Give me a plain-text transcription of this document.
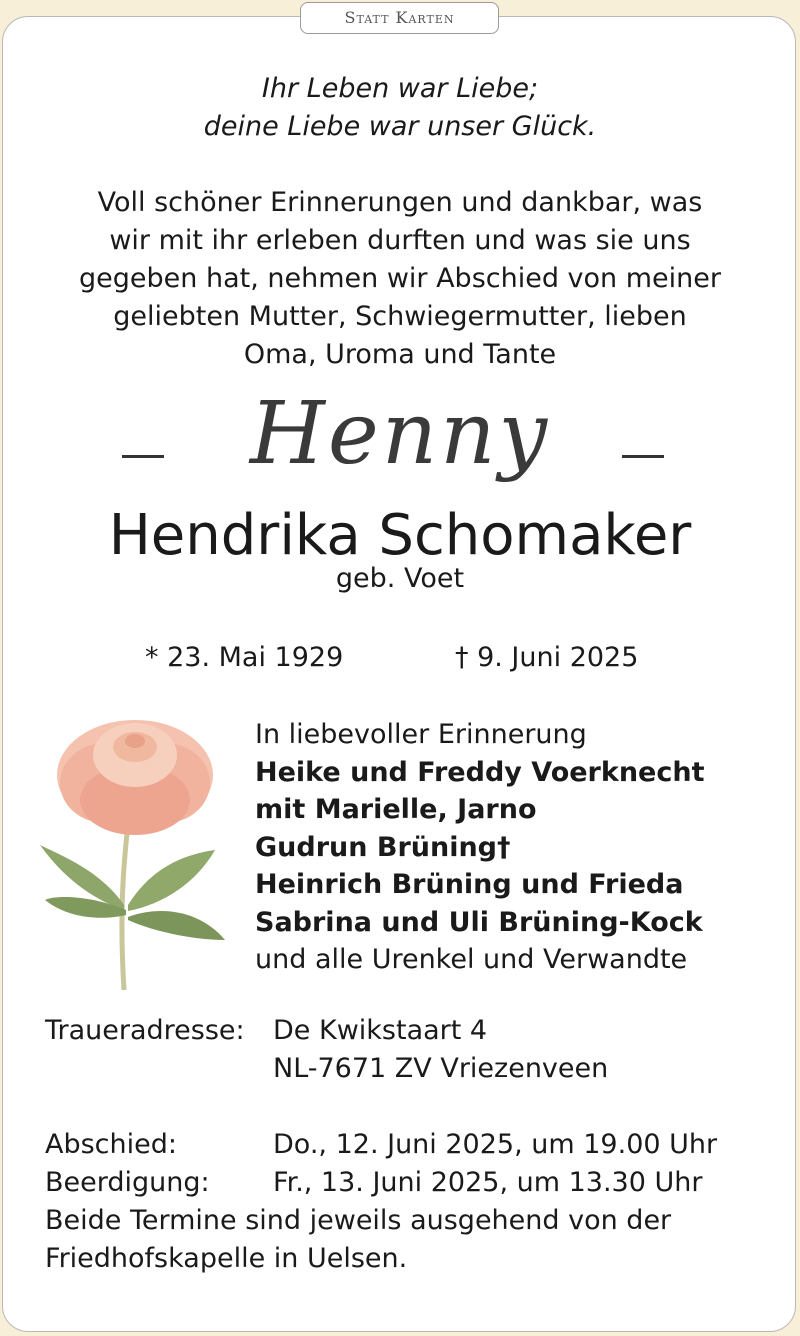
Statt Karten
Ihr Leben war Liebe;
deine Liebe war unser Glück.
Voll schöner Erinnerungen und dankbar, was
wir mit ihr erleben durften und was sie uns
gegeben hat, nehmen wir Abschied von meiner
geliebten Mutter, Schwiegermutter, lieben
Oma, Uroma und Tante
Henny
Hendrika Schomaker
geb. Voet
* 23. Mai 1929	† 9. Juni 2025
In liebevoller Erinnerung
Heike und Freddy Voerknecht
mit Marielle, Jarno
Gudrun Brüning†
Heinrich Brüning und Frieda
Sabrina und Uli Brüning-Kock
und alle Urenkel und Verwandte
Traueradresse: De Kwikstaart 4
NL-7671 ZV Vriezenveen
Abschied:	Do., 12. Juni 2025, um 19.00 Uhr
Beerdigung: Fr., 13. Juni 2025, um 13.30 Uhr
Beide Termine sind jeweils ausgehend von der
Friedhofskapelle in Uelsen.
